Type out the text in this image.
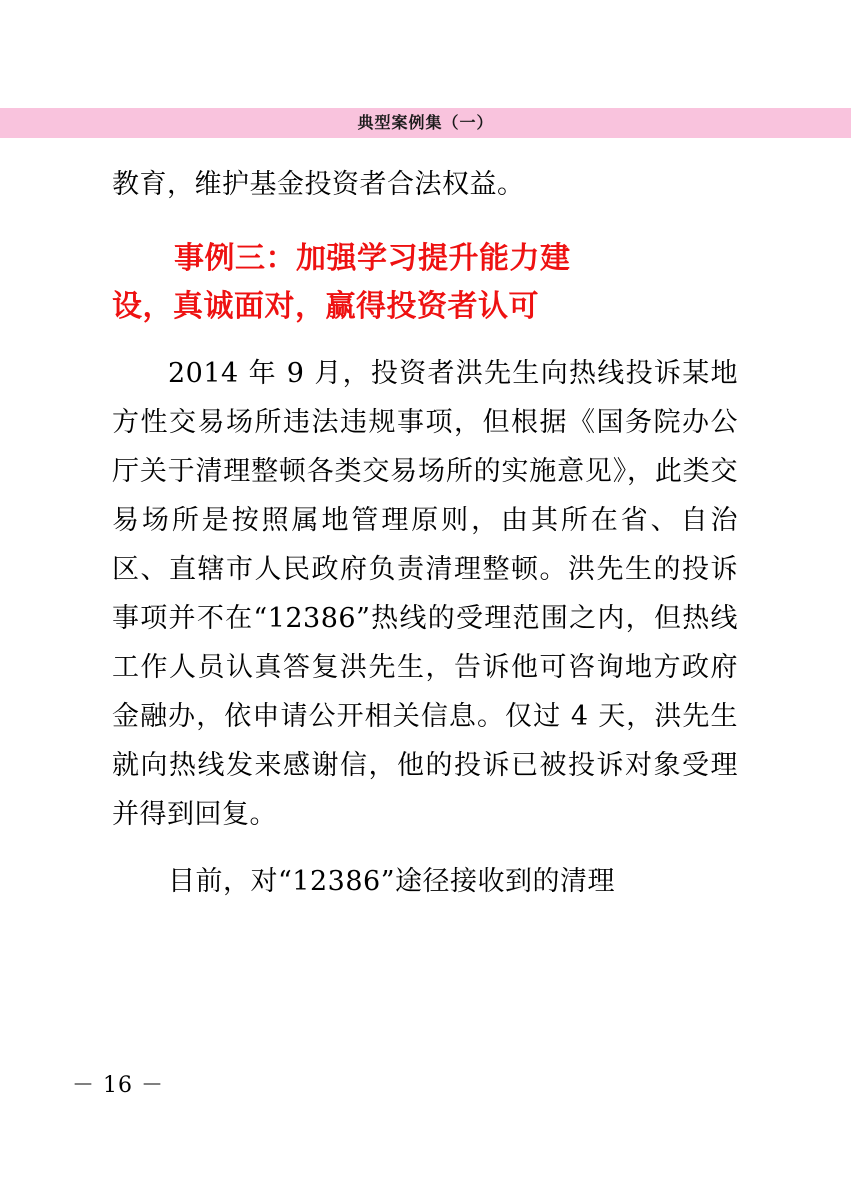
典型案例集（一）

教育，维护基金投资者合法权益。

事例三：加强学习提升能力建
设，真诚面对，赢得投资者认可

2014 年 9 月，投资者洪先生向热线投诉某地方性交易场所违法违规事项，但根据《国务院办公厅关于清理整顿各类交易场所的实施意见》，此类交易场所是按照属地管理原则，由其所在省、自治区、直辖市人民政府负责清理整顿。洪先生的投诉事项并不在“12386”热线的受理范围之内，但热线工作人员认真答复洪先生，告诉他可咨询地方政府金融办，依申请公开相关信息。仅过 4 天，洪先生就向热线发来感谢信，他的投诉已被投诉对象受理并得到回复。

目前，对“12386”途径接收到的清理

－ 16 －
